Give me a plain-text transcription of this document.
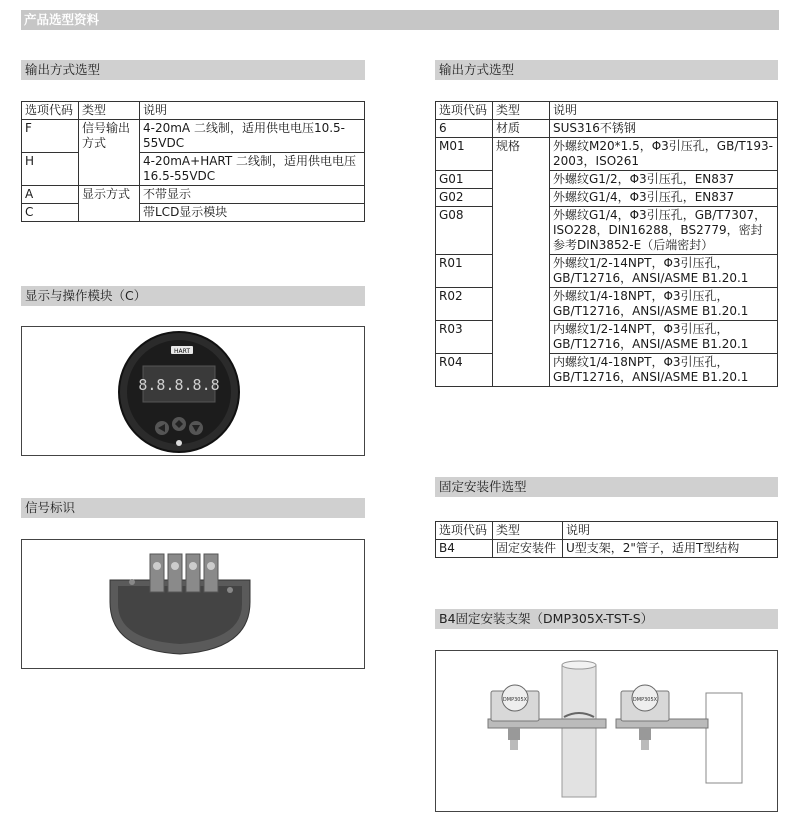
产品选型资料
输出方式选型
选项代码	类型	说明
F	信号输出方式	4-20mA 二线制，适用供电电压10.5-55VDC
H		4-20mA+HART 二线制，适用供电电压16.5-55VDC
A	显示方式	不带显示
C		带LCD显示模块
显示与操作模块（C）
HART
8.8.8.8.8
信号标识
输出方式选型
选项代码	类型	说明
6	材质	SUS316不锈钢
M01	规格	外螺纹M20*1.5，Φ3引压孔，GB/T193-2003，ISO261
G01		外螺纹G1/2，Φ3引压孔，EN837
G02		外螺纹G1/4，Φ3引压孔，EN837
G08		外螺纹G1/4，Φ3引压孔，GB/T7307，ISO228，DIN16288，BS2779，密封参考DIN3852-E（后端密封）
R01		外螺纹1/2-14NPT，Φ3引压孔，GB/T12716，ANSI/ASME B1.20.1
R02		外螺纹1/4-18NPT，Φ3引压孔，GB/T12716，ANSI/ASME B1.20.1
R03		内螺纹1/2-14NPT，Φ3引压孔，GB/T12716，ANSI/ASME B1.20.1
R04		内螺纹1/4-18NPT，Φ3引压孔，GB/T12716，ANSI/ASME B1.20.1
固定安装件选型
选项代码	类型	说明
B4	固定安装件	U型支架，2"管子，适用T型结构
B4固定安装支架（DMP305X-TST-S）
DMP305X	DMP305X
